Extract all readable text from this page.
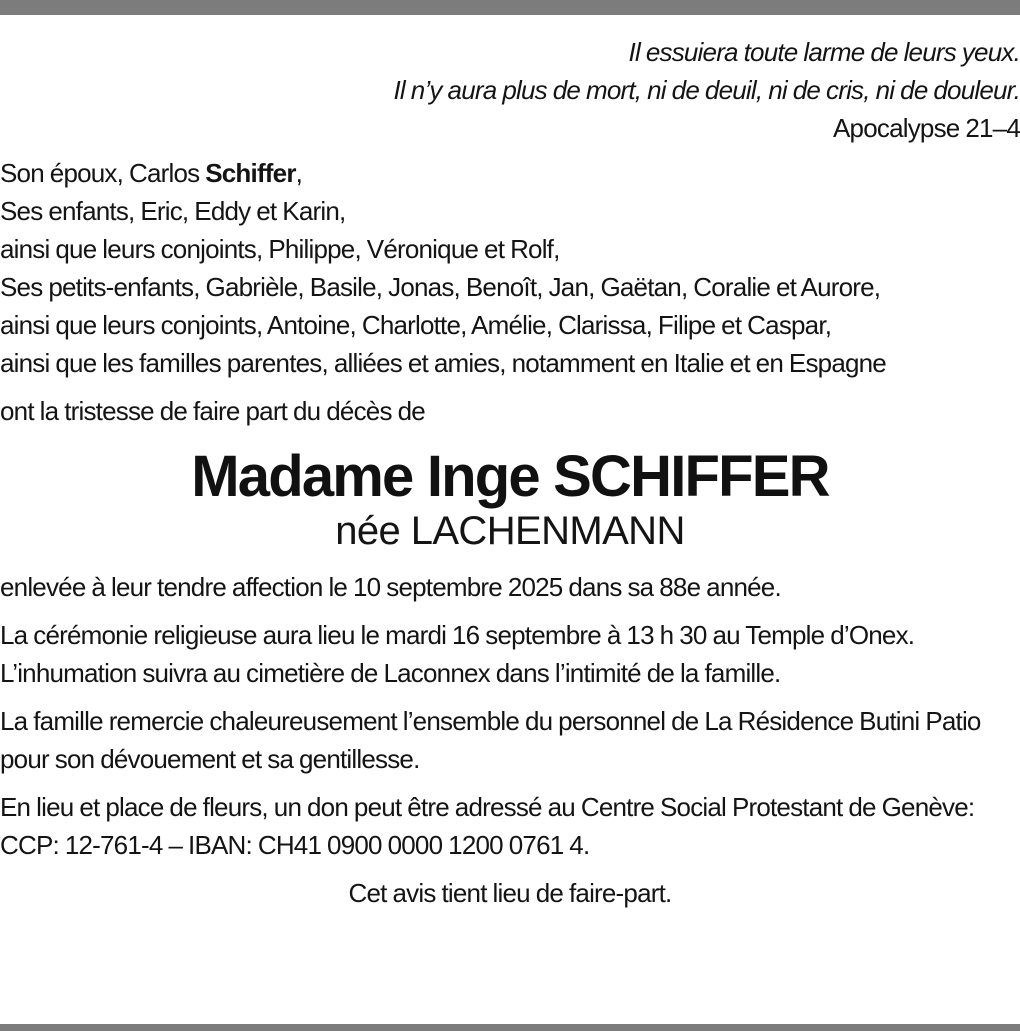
Il essuiera toute larme de leurs yeux.
Il n’y aura plus de mort, ni de deuil, ni de cris, ni de douleur.
Apocalypse 21–4
Son époux, Carlos Schiffer,
Ses enfants, Eric, Eddy et Karin,
ainsi que leurs conjoints, Philippe, Véronique et Rolf,
Ses petits-enfants, Gabrièle, Basile, Jonas, Benoît, Jan, Gaëtan, Coralie et Aurore,
ainsi que leurs conjoints, Antoine, Charlotte, Amélie, Clarissa, Filipe et Caspar,
ainsi que les familles parentes, alliées et amies, notamment en Italie et en Espagne
ont la tristesse de faire part du décès de
Madame Inge SCHIFFER
née LACHENMANN
enlevée à leur tendre affection le 10 septembre 2025 dans sa 88e année.
La cérémonie religieuse aura lieu le mardi 16 septembre à 13 h 30 au Temple d’Onex.
L’inhumation suivra au cimetière de Laconnex dans l’intimité de la famille.
La famille remercie chaleureusement l’ensemble du personnel de La Résidence Butini Patio pour son dévouement et sa gentillesse.
En lieu et place de fleurs, un don peut être adressé au Centre Social Protestant de Genève: CCP: 12-761-4 – IBAN: CH41 0900 0000 1200 0761 4.
Cet avis tient lieu de faire-part.
